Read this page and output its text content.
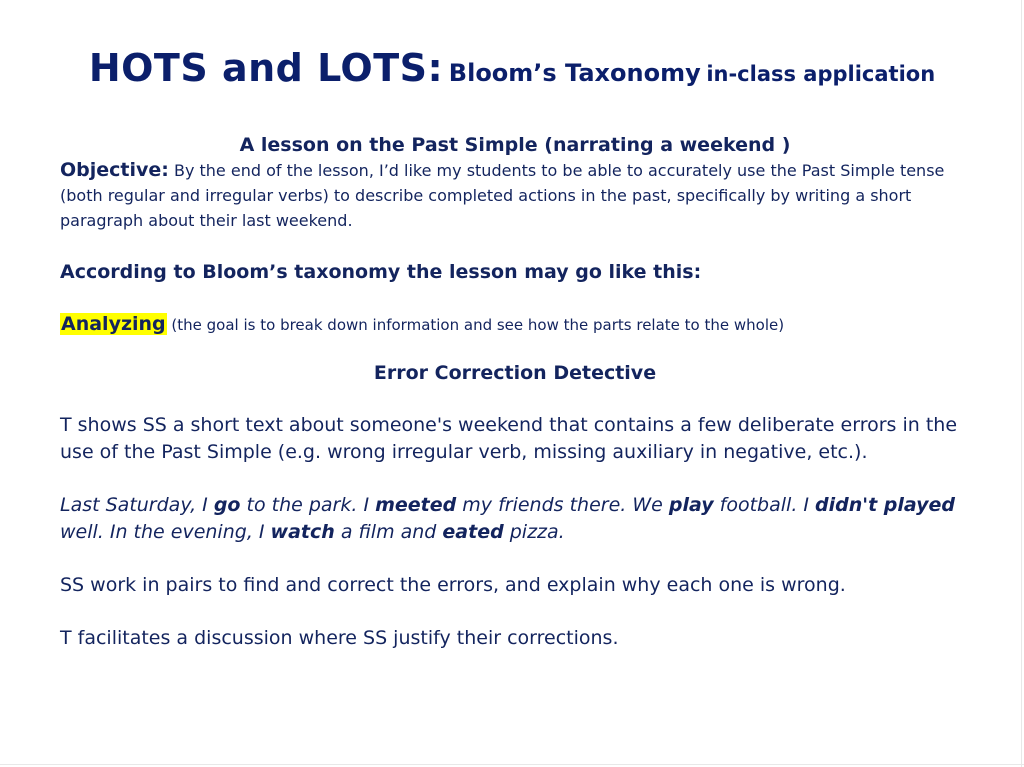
HOTS and LOTS: Bloom’s Taxonomy in-class application

A lesson on the Past Simple (narrating a weekend )

Objective: By the end of the lesson, I’d like my students to be able to accurately use the Past Simple tense (both regular and irregular verbs) to describe completed actions in the past, specifically by writing a short paragraph about their last weekend.

According to Bloom’s taxonomy the lesson may go like this:

Analyzing (the goal is to break down information and see how the parts relate to the whole)

Error Correction Detective

T shows SS a short text about someone's weekend that contains a few deliberate errors in the use of the Past Simple (e.g. wrong irregular verb, missing auxiliary in negative, etc.).

Last Saturday, I go to the park. I meeted my friends there. We play football. I didn't played well. In the evening, I watch a film and eated pizza.

SS work in pairs to find and correct the errors, and explain why each one is wrong.

T facilitates a discussion where SS justify their corrections.
